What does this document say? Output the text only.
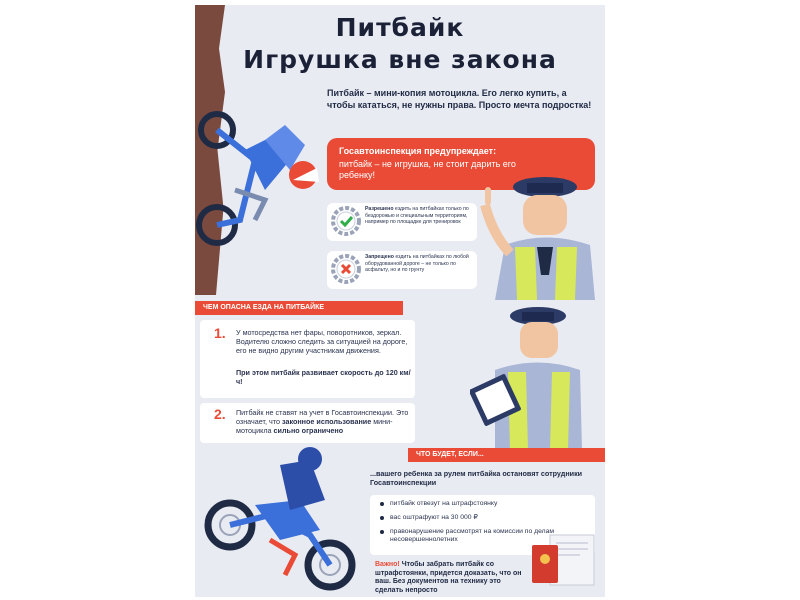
Питбайк
Игрушка вне закона
Питбайк – мини-копия мотоцикла. Его легко купить, а чтобы кататься, не нужны права. Просто мечта подростка!
Госавтоинспекция предупреждает:
питбайк – не игрушка, не стоит дарить его ребенку!
Разрешено ездить на питбайках только по бездорожью и специальным территориям, например по площадке для тренировок
Запрещено ездить на питбайках по любой оборудованной дороге – не только по асфальту, но и по грунту
ЧЕМ ОПАСНА ЕЗДА НА ПИТБАЙКЕ
1. У мотосредства нет фары, поворотников, зеркал. Водителю сложно следить за ситуацией на дороге, его не видно другим участникам движения.
При этом питбайк развивает скорость до 120 км/ч!
2. Питбайк не ставят на учет в Госавтоинспекции. Это означает, что законное использование мини-мотоцикла сильно ограничено
ЧТО БУДЕТ, ЕСЛИ...
...вашего ребенка за рулем питбайка остановят сотрудники Госавтоинспекции
питбайк отвезут на штрафстоянку
вас оштрафуют на 30 000 ₽
правонарушение рассмотрят на комиссии по делам несовершеннолетних
Важно! Чтобы забрать питбайк со штрафстоянки, придется доказать, что он ваш. Без документов на технику это сделать непросто
